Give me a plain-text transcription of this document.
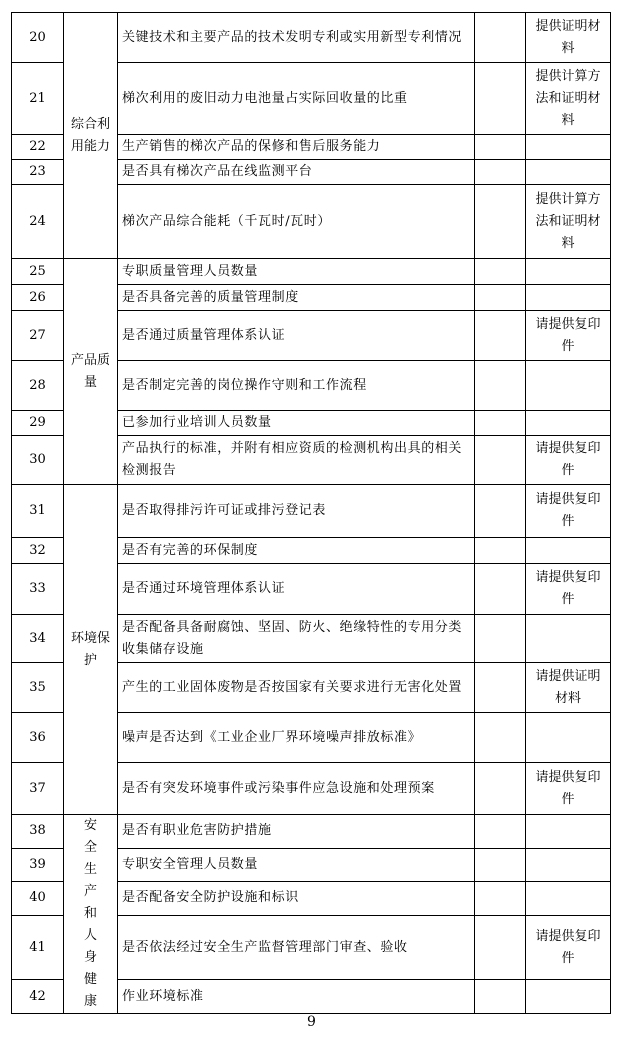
20	综合利用能力	关键技术和主要产品的技术发明专利或实用新型专利情况		提供证明材料
21		梯次利用的废旧动力电池量占实际回收量的比重		提供计算方法和证明材料
22		生产销售的梯次产品的保修和售后服务能力		
23		是否具有梯次产品在线监测平台		
24		梯次产品综合能耗（千瓦时/瓦时）		提供计算方法和证明材料
25	产品质量	专职质量管理人员数量		
26		是否具备完善的质量管理制度		
27		是否通过质量管理体系认证		请提供复印件
28		是否制定完善的岗位操作守则和工作流程		
29		已参加行业培训人员数量		
30		产品执行的标准，并附有相应资质的检测机构出具的相关检测报告		请提供复印件
31	环境保护	是否取得排污许可证或排污登记表		请提供复印件
32		是否有完善的环保制度		
33		是否通过环境管理体系认证		请提供复印件
34		是否配备具备耐腐蚀、坚固、防火、绝缘特性的专用分类收集储存设施		
35		产生的工业固体废物是否按国家有关要求进行无害化处置		请提供证明材料
36		噪声是否达到《工业企业厂界环境噪声排放标准》		
37		是否有突发环境事件或污染事件应急设施和处理预案		请提供复印件
38	安全生产和人身健康	是否有职业危害防护措施		
39		专职安全管理人员数量		
40		是否配备安全防护设施和标识		
41		是否依法经过安全生产监督管理部门审查、验收		请提供复印件
42		作业环境标准		
9
